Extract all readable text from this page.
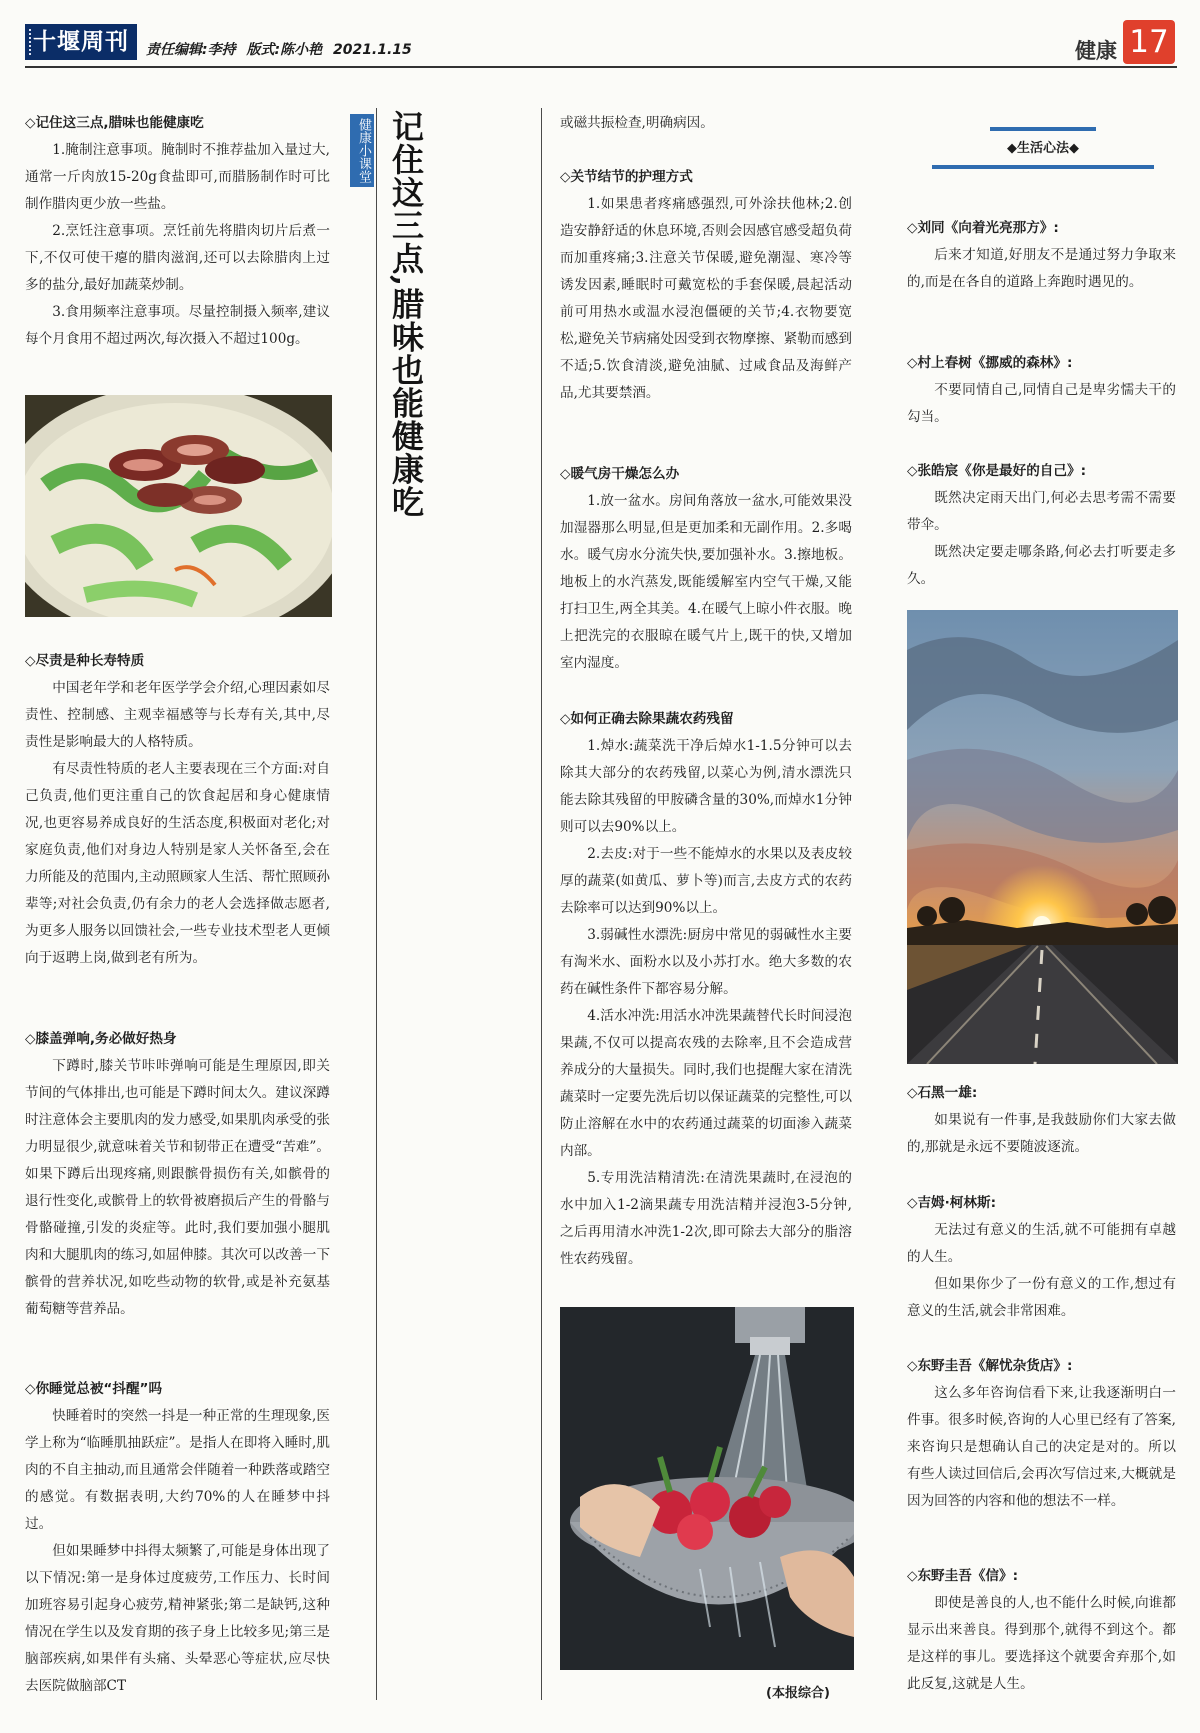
十堰周刊	责任编辑:李持 版式:陈小艳 2021.1.15	健康 17
健康小课堂 记住这三点,腊味也能健康吃

◇记住这三点,腊味也能健康吃

1.腌制注意事项。腌制时不推荐盐加入量过大,通常一斤肉放15-20g食盐即可,而腊肠制作时可比制作腊肉更少放一些盐。

2.烹饪注意事项。烹饪前先将腊肉切片后煮一下,不仅可使干瘪的腊肉滋润,还可以去除腊肉上过多的盐分,最好加蔬菜炒制。

3.食用频率注意事项。尽量控制摄入频率,建议每个月食用不超过两次,每次摄入不超过100g。

◇尽责是种长寿特质

中国老年学和老年医学学会介绍,心理因素如尽责性、控制感、主观幸福感等与长寿有关,其中,尽责性是影响最大的人格特质。

有尽责性特质的老人主要表现在三个方面:对自己负责,他们更注重自己的饮食起居和身心健康情况,也更容易养成良好的生活态度,积极面对老化;对家庭负责,他们对身边人特别是家人关怀备至,会在力所能及的范围内,主动照顾家人生活、帮忙照顾孙辈等;对社会负责,仍有余力的老人会选择做志愿者,为更多人服务以回馈社会,一些专业技术型老人更倾向于返聘上岗,做到老有所为。

◇膝盖弹响,务必做好热身

下蹲时,膝关节咔咔弹响可能是生理原因,即关节间的气体排出,也可能是下蹲时间太久。建议深蹲时注意体会主要肌肉的发力感受,如果肌肉承受的张力明显很少,就意味着关节和韧带正在遭受“苦难”。如果下蹲后出现疼痛,则跟髌骨损伤有关,如髌骨的退行性变化,或髌骨上的软骨被磨损后产生的骨骼与骨骼碰撞,引发的炎症等。此时,我们要加强小腿肌肉和大腿肌肉的练习,如屈伸膝。其次可以改善一下髌骨的营养状况,如吃些动物的软骨,或是补充氨基葡萄糖等营养品。

◇你睡觉总被“抖醒”吗

快睡着时的突然一抖是一种正常的生理现象,医学上称为“临睡肌抽跃症”。是指人在即将入睡时,肌肉的不自主抽动,而且通常会伴随着一种跌落或踏空的感觉。有数据表明,大约70%的人在睡梦中抖过。

但如果睡梦中抖得太频繁了,可能是身体出现了以下情况:第一是身体过度疲劳,工作压力、长时间加班容易引起身心疲劳,精神紧张;第二是缺钙,这种情况在学生以及发育期的孩子身上比较多见;第三是脑部疾病,如果伴有头痛、头晕恶心等症状,应尽快去医院做脑部CT

或磁共振检查,明确病因。

◇关节结节的护理方式

1.如果患者疼痛感强烈,可外涂扶他林;2.创造安静舒适的休息环境,否则会因感官感受超负荷而加重疼痛;3.注意关节保暖,避免潮湿、寒冷等诱发因素,睡眠时可戴宽松的手套保暖,晨起活动前可用热水或温水浸泡僵硬的关节;4.衣物要宽松,避免关节病痛处因受到衣物摩擦、紧勒而感到不适;5.饮食清淡,避免油腻、过咸食品及海鲜产品,尤其要禁酒。

◇暖气房干燥怎么办

1.放一盆水。房间角落放一盆水,可能效果没加湿器那么明显,但是更加柔和无副作用。2.多喝水。暖气房水分流失快,要加强补水。3.擦地板。地板上的水汽蒸发,既能缓解室内空气干燥,又能打扫卫生,两全其美。4.在暖气上晾小件衣服。晚上把洗完的衣服晾在暖气片上,既干的快,又增加室内湿度。

◇如何正确去除果蔬农药残留

1.焯水:蔬菜洗干净后焯水1-1.5分钟可以去除其大部分的农药残留,以菜心为例,清水漂洗只能去除其残留的甲胺磷含量的30%,而焯水1分钟则可以去90%以上。

2.去皮:对于一些不能焯水的水果以及表皮较厚的蔬菜(如黄瓜、萝卜等)而言,去皮方式的农药去除率可以达到90%以上。

3.弱碱性水漂洗:厨房中常见的弱碱性水主要有淘米水、面粉水以及小苏打水。绝大多数的农药在碱性条件下都容易分解。

4.活水冲洗:用活水冲洗果蔬替代长时间浸泡果蔬,不仅可以提高农残的去除率,且不会造成营养成分的大量损失。同时,我们也提醒大家在清洗蔬菜时一定要先洗后切以保证蔬菜的完整性,可以防止溶解在水中的农药通过蔬菜的切面渗入蔬菜内部。

5.专用洗洁精清洗:在清洗果蔬时,在浸泡的水中加入1-2滴果蔬专用洗洁精并浸泡3-5分钟,之后再用清水冲洗1-2次,即可除去大部分的脂溶性农药残留。

(本报综合)
◆生活心法◆

◇刘同《向着光亮那方》:

后来才知道,好朋友不是通过努力争取来的,而是在各自的道路上奔跑时遇见的。

◇村上春树《挪威的森林》:

不要同情自己,同情自己是卑劣懦夫干的勾当。

◇张皓宸《你是最好的自己》:

既然决定雨天出门,何必去思考需不需要带伞。

既然决定要走哪条路,何必去打听要走多久。

◇石黑一雄:

如果说有一件事,是我鼓励你们大家去做的,那就是永远不要随波逐流。

◇吉姆·柯林斯:

无法过有意义的生活,就不可能拥有卓越的人生。

但如果你少了一份有意义的工作,想过有意义的生活,就会非常困难。

◇东野圭吾《解忧杂货店》:

这么多年咨询信看下来,让我逐渐明白一件事。很多时候,咨询的人心里已经有了答案,来咨询只是想确认自己的决定是对的。所以有些人读过回信后,会再次写信过来,大概就是因为回答的内容和他的想法不一样。

◇东野圭吾《信》:

即使是善良的人,也不能什么时候,向谁都显示出来善良。得到那个,就得不到这个。都是这样的事儿。要选择这个就要舍弃那个,如此反复,这就是人生。
